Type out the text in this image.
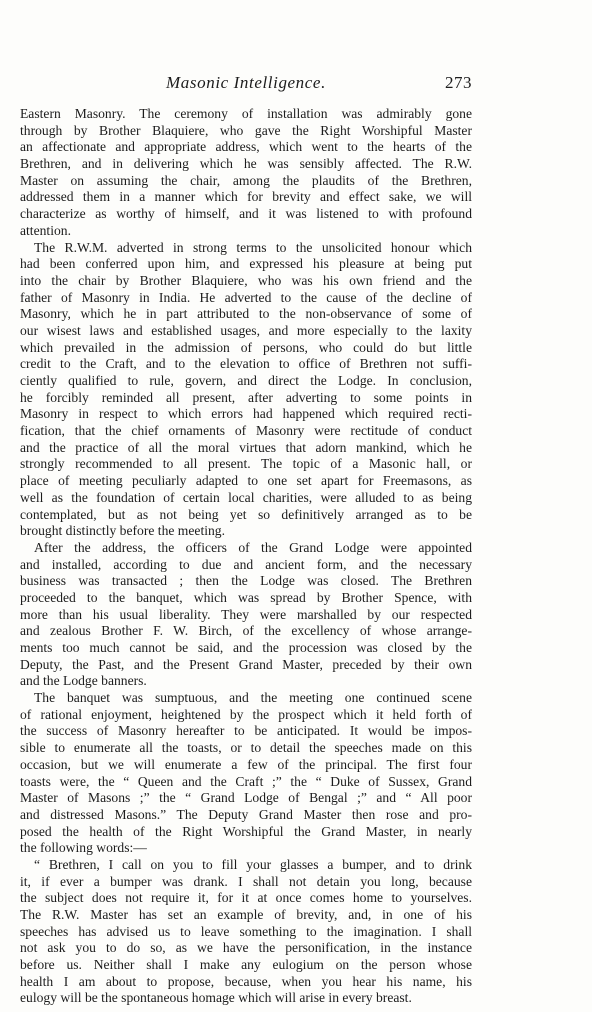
Masonic Intelligence.	273
Eastern Masonry. The ceremony of installation was admirably gone
through by Brother Blaquiere, who gave the Right Worshipful Master
an affectionate and appropriate address, which went to the hearts of the
Brethren, and in delivering which he was sensibly affected. The R.W.
Master on assuming the chair, among the plaudits of the Brethren,
addressed them in a manner which for brevity and effect sake, we will
characterize as worthy of himself, and it was listened to with profound
attention.
The R.W.M. adverted in strong terms to the unsolicited honour which
had been conferred upon him, and expressed his pleasure at being put
into the chair by Brother Blaquiere, who was his own friend and the
father of Masonry in India. He adverted to the cause of the decline of
Masonry, which he in part attributed to the non-observance of some of
our wisest laws and established usages, and more especially to the laxity
which prevailed in the admission of persons, who could do but little
credit to the Craft, and to the elevation to office of Brethren not suffi-
ciently qualified to rule, govern, and direct the Lodge. In conclusion,
he forcibly reminded all present, after adverting to some points in
Masonry in respect to which errors had happened which required recti-
fication, that the chief ornaments of Masonry were rectitude of conduct
and the practice of all the moral virtues that adorn mankind, which he
strongly recommended to all present. The topic of a Masonic hall, or
place of meeting peculiarly adapted to one set apart for Freemasons, as
well as the foundation of certain local charities, were alluded to as being
contemplated, but as not being yet so definitively arranged as to be
brought distinctly before the meeting.
After the address, the officers of the Grand Lodge were appointed
and installed, according to due and ancient form, and the necessary
business was transacted ; then the Lodge was closed. The Brethren
proceeded to the banquet, which was spread by Brother Spence, with
more than his usual liberality. They were marshalled by our respected
and zealous Brother F. W. Birch, of the excellency of whose arrange-
ments too much cannot be said, and the procession was closed by the
Deputy, the Past, and the Present Grand Master, preceded by their own
and the Lodge banners.
The banquet was sumptuous, and the meeting one continued scene
of rational enjoyment, heightened by the prospect which it held forth of
the success of Masonry hereafter to be anticipated. It would be impos-
sible to enumerate all the toasts, or to detail the speeches made on this
occasion, but we will enumerate a few of the principal. The first four
toasts were, the “ Queen and the Craft ;” the “ Duke of Sussex, Grand
Master of Masons ;” the “ Grand Lodge of Bengal ;” and “ All poor
and distressed Masons.” The Deputy Grand Master then rose and pro-
posed the health of the Right Worshipful the Grand Master, in nearly
the following words:—
“ Brethren, I call on you to fill your glasses a bumper, and to drink
it, if ever a bumper was drank. I shall not detain you long, because
the subject does not require it, for it at once comes home to yourselves.
The R.W. Master has set an example of brevity, and, in one of his
speeches has advised us to leave something to the imagination. I shall
not ask you to do so, as we have the personification, in the instance
before us. Neither shall I make any eulogium on the person whose
health I am about to propose, because, when you hear his name, his
eulogy will be the spontaneous homage which will arise in every breast.
